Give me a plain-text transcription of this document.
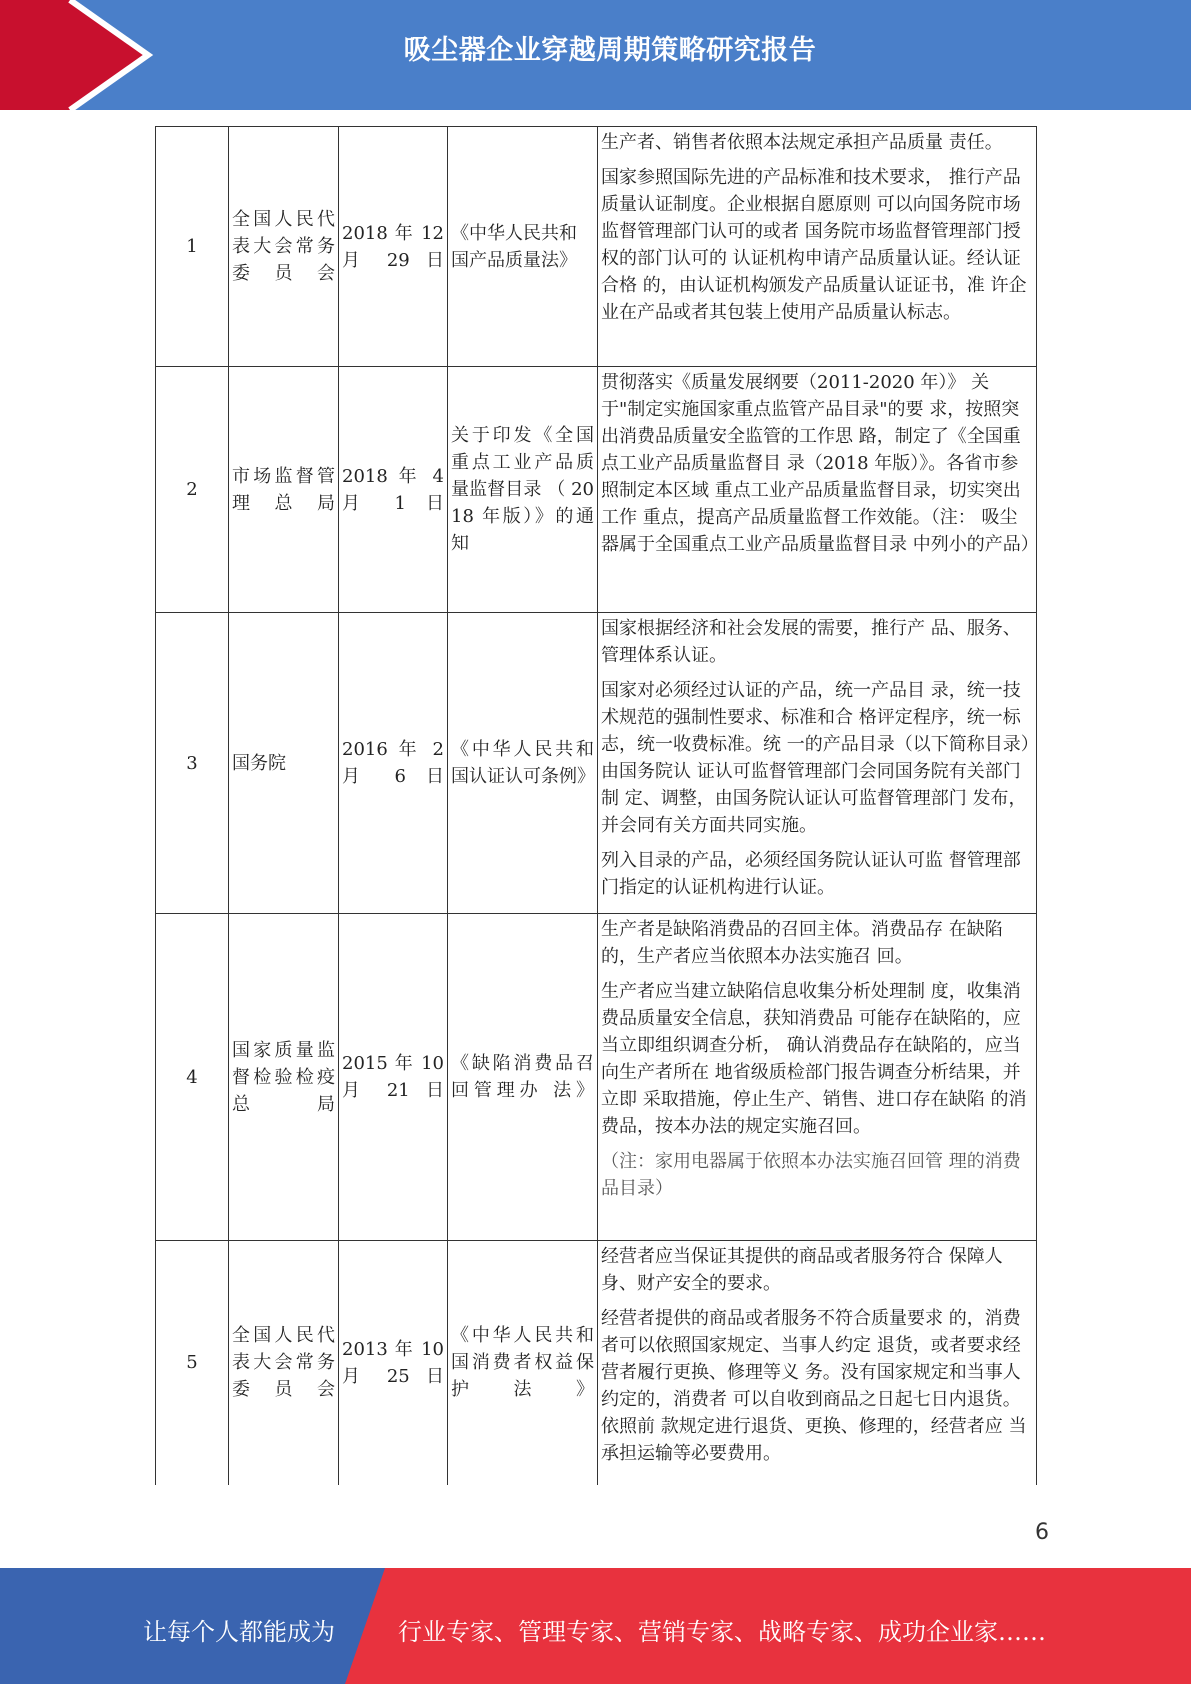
吸尘器企业穿越周期策略研究报告
1	全国人民代表大会常务委员会	2018 年 12 月 29 日	《中华人民共和国产品质量法》	生产者、销售者依照本法规定承担产品质量 责任。

国家参照国际先进的产品标准和技术要求， 推行产品质量认证制度。企业根据自愿原则 可以向国务院市场监督管理部门认可的或者 国务院市场监督管理部门授权的部门认可的 认证机构申请产品质量认证。经认证合格 的，由认证机构颁发产品质量认证证书，准 许企业在产品或者其包装上使用产品质量认标志。

2	市场监督管理总局	2018 年 4 月 1 日	关于印发《全国重点工业产品质量监督目录 （ 2018 年版）》的通知	贯彻落实《质量发展纲要（2011-2020 年）》 关于"制定实施国家重点监管产品目录"的要 求，按照突出消费品质量安全监管的工作思 路，制定了《全国重点工业产品质量监督目 录（2018 年版）》。各省市参照制定本区域 重点工业产品质量监督目录，切实突出工作 重点，提高产品质量监督工作效能。（注： 吸尘器属于全国重点工业产品质量监督目录 中列小的产品）

3	国务院	2016 年 2 月 6 日	《中华人民共和国认证认可条例》	国家根据经济和社会发展的需要，推行产 品、服务、管理体系认证。

国家对必须经过认证的产品，统一产品目 录，统一技术规范的强制性要求、标准和合 格评定程序，统一标志，统一收费标准。统 一的产品目录（以下简称目录）由国务院认 证认可监督管理部门会同国务院有关部门制 定、调整，由国务院认证认可监督管理部门 发布，并会同有关方面共同实施。

列入目录的产品，必须经国务院认证认可监 督管理部门指定的认证机构进行认证。

4	国家质量监督检验检疫总局	2015 年 10 月 21 日	《缺陷消费品召回管理办 法》	生产者是缺陷消费品的召回主体。消费品存 在缺陷的，生产者应当依照本办法实施召 回。

生产者应当建立缺陷信息收集分析处理制 度，收集消费品质量安全信息，获知消费品 可能存在缺陷的，应当立即组织调查分析， 确认消费品存在缺陷的，应当向生产者所在 地省级质检部门报告调查分析结果，并立即 采取措施，停止生产、销售、进口存在缺陷 的消费品，按本办法的规定实施召回。

（注：家用电器属于依照本办法实施召回管 理的消费品目录）

5	全国人民代表大会常务委员会	2013 年 10 月 25 日	《中华人民共和国消费者权益保护法》	经营者应当保证其提供的商品或者服务符合 保障人身、财产安全的要求。

经营者提供的商品或者服务不符合质量要求 的，消费者可以依照国家规定、当事人约定 退货，或者要求经营者履行更换、修理等义 务。没有国家规定和当事人约定的，消费者 可以自收到商品之日起七日内退货。依照前 款规定进行退货、更换、修理的，经营者应 当承担运输等必要费用。

6
让每个人都能成为	行业专家、管理专家、营销专家、战略专家、成功企业家……
